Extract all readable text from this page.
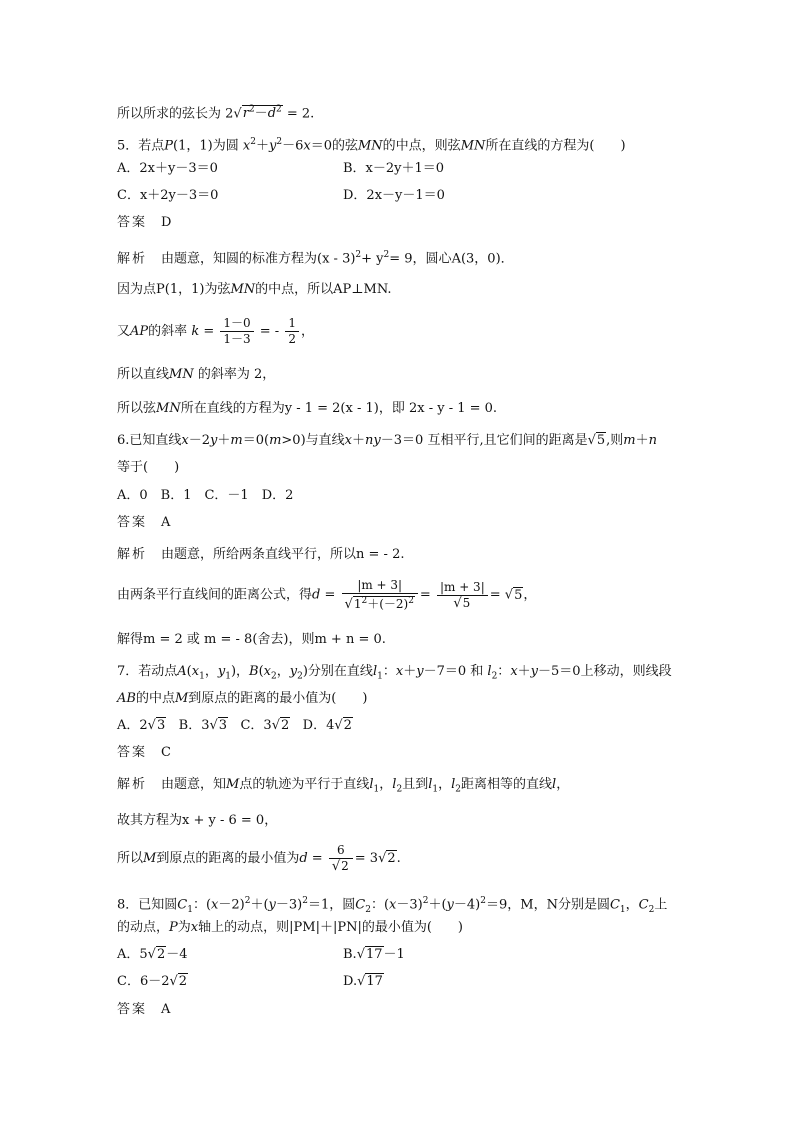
所以所求的弦长为 $2√r^2-d^2 = 2$.
5．若点P(1，1)为圆 $x^2+y^2-6x=0$的弦MN的中点，则弦MN所在直线的方程为(　　)
A．2x＋y－3＝0	B．x－2y＋1＝0
C．x＋2y－3＝0	D．2x－y－1＝0
答案 D
解析 由题意，知圆的标准方程为$(x - 3)^2+ y^2= 9$，圆心A(3，0)．
因为点P(1，1)为弦MN的中点，所以AP⊥MN.
又AP的斜率 $k = \frac{1-0}{1-3}$ = - $\frac{1}{2}$ ，
所以直线MN 的斜率为 2，
所以弦MN所在直线的方程为y - 1 = 2(x - 1)，即 2x - y - 1 = 0.
6.已知直线x－2y＋m＝0(m>0)与直线x＋ny－3＝0 互相平行,且它们间的距离是√5,则m＋n
等于(　　)
A．0　B．1　C．－1　D．2
答案 A
解析 由题意，所给两条直线平行，所以n = - 2.
由两条平行直线间的距离公式，得$d = \frac{|m + 3|}{√1^2+(-2)^2} = \frac{|m + 3|}{√5} = √5$，
解得m = 2 或 m = - 8(舍去)，则m + n = 0.
7．若动点$A(x_1$，$y_1$)，$B(x_2$，$y_2$)分别在直线$l_1$：x＋y－7＝0 和 $l_2$：x＋y－5＝0上移动，则线段
AB的中点M到原点的距离的最小值为(　　)
A．2√3 B．3√3 C．3√2 D．4√2
答案 C
解析 由题意，知M点的轨迹为平行于直线$l_1$，$l_2$且到$l_1$，$l_2$距离相等的直线l，
故其方程为x + y - 6 = 0，
所以M到原点的距离的最小值为$d = \frac{6}{√2} = 3√2$.
8．已知圆$C_1$：$(x-2)^2+(y-3)^2=1$，圆$C_2$：$(x-3)^2+(y-4)^2=9$，M，N分别是圆$C_1$，$C_2$上
的动点，P为x轴上的动点，则|PM|＋|PN|的最小值为(　　)
A．5√2－4	B.√17－1
C．6－2√2	D.√17
答案 A
